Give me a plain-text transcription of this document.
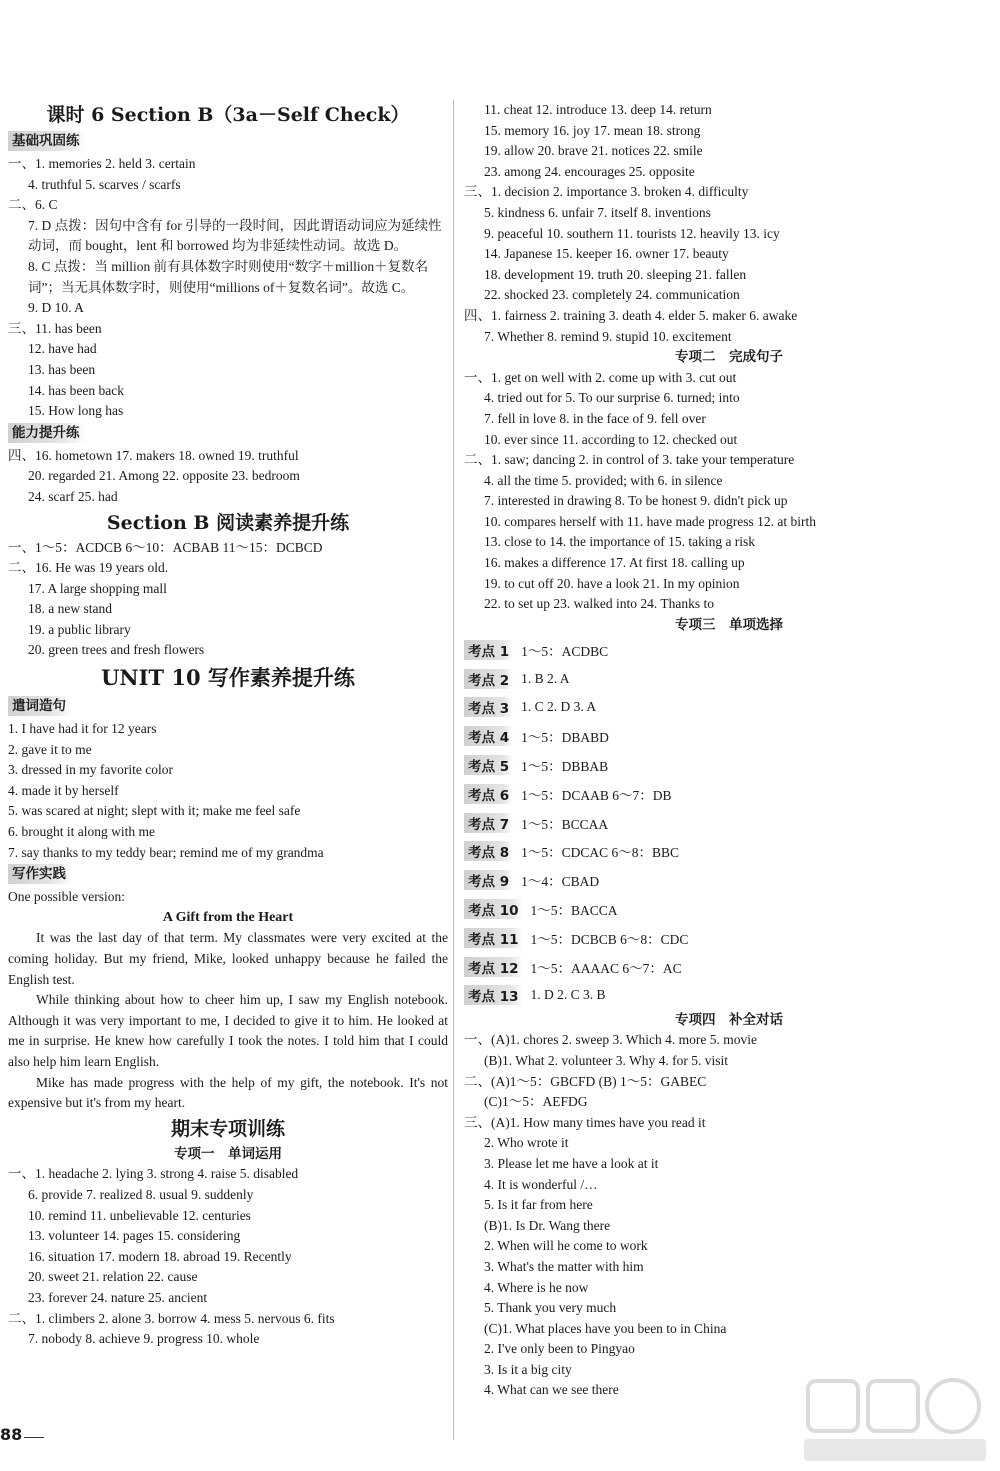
课时 6 Section B（3a－Self Check）
基础巩固练
一、1. memories 2. held 3. certain
4. truthful 5. scarves / scarfs
二、6. C
7. D 点拨：因句中含有 for 引导的一段时间，因此谓语动词应为延续性动词，而 bought，lent 和 borrowed 均为非延续性动词。故选 D。
8. C 点拨：当 million 前有具体数字时则使用“数字＋million＋复数名词”；当无具体数字时，则使用“millions of＋复数名词”。故选 C。
9. D 10. A
三、11. has been
12. have had
13. has been
14. has been back
15. How long has
能力提升练
四、16. hometown 17. makers 18. owned 19. truthful
20. regarded 21. Among 22. opposite 23. bedroom
24. scarf 25. had
Section B 阅读素养提升练
一、1～5：ACDCB 6～10：ACBAB 11～15：DCBCD
二、16. He was 19 years old.
17. A large shopping mall
18. a new stand
19. a public library
20. green trees and fresh flowers
UNIT 10 写作素养提升练
遣词造句
1. I have had it for 12 years
2. gave it to me
3. dressed in my favorite color
4. made it by herself
5. was scared at night; slept with it; make me feel safe
6. brought it along with me
7. say thanks to my teddy bear; remind me of my grandma
写作实践
One possible version:
A Gift from the Heart
It was the last day of that term. My classmates were very excited at the coming holiday. But my friend, Mike, looked unhappy because he failed the English test.
While thinking about how to cheer him up, I saw my English notebook. Although it was very important to me, I decided to give it to him. He looked at me in surprise. He knew how carefully I took the notes. I told him that I could also help him learn English.
Mike has made progress with the help of my gift, the notebook. It's not expensive but it's from my heart.
期末专项训练
专项一　单词运用
一、1. headache 2. lying 3. strong 4. raise 5. disabled
6. provide 7. realized 8. usual 9. suddenly
10. remind 11. unbelievable 12. centuries
13. volunteer 14. pages 15. considering
16. situation 17. modern 18. abroad 19. Recently
20. sweet 21. relation 22. cause
23. forever 24. nature 25. ancient
二、1. climbers 2. alone 3. borrow 4. mess 5. nervous 6. fits
7. nobody 8. achieve 9. progress 10. whole
11. cheat 12. introduce 13. deep 14. return
15. memory 16. joy 17. mean 18. strong
19. allow 20. brave 21. notices 22. smile
23. among 24. encourages 25. opposite
三、1. decision 2. importance 3. broken 4. difficulty
5. kindness 6. unfair 7. itself 8. inventions
9. peaceful 10. southern 11. tourists 12. heavily 13. icy
14. Japanese 15. keeper 16. owner 17. beauty
18. development 19. truth 20. sleeping 21. fallen
22. shocked 23. completely 24. communication
四、1. fairness 2. training 3. death 4. elder 5. maker 6. awake
7. Whether 8. remind 9. stupid 10. excitement
专项二　完成句子
一、1. get on well with 2. come up with 3. cut out
4. tried out for 5. To our surprise 6. turned; into
7. fell in love 8. in the face of 9. fell over
10. ever since 11. according to 12. checked out
二、1. saw; dancing 2. in control of 3. take your temperature
4. all the time 5. provided; with 6. in silence
7. interested in drawing 8. To be honest 9. didn't pick up
10. compares herself with 11. have made progress 12. at birth
13. close to 14. the importance of 15. taking a risk
16. makes a difference 17. At first 18. calling up
19. to cut off 20. have a look 21. In my opinion
22. to set up 23. walked into 24. Thanks to
专项三　单项选择
考点 1 1～5：ACDBC
考点 2 1. B 2. A
考点 3 1. C 2. D 3. A
考点 4 1～5：DBABD
考点 5 1～5：DBBAB
考点 6 1～5：DCAAB 6～7：DB
考点 7 1～5：BCCAA
考点 8 1～5：CDCAC 6～8：BBC
考点 9 1～4：CBAD
考点 10 1～5：BACCA
考点 11 1～5：DCBCB 6～8：CDC
考点 12 1～5：AAAAC 6～7：AC
考点 13 1. D 2. C 3. B
专项四　补全对话
一、(A)1. chores 2. sweep 3. Which 4. more 5. movie
(B)1. What 2. volunteer 3. Why 4. for 5. visit
二、(A)1～5：GBCFD (B) 1～5：GABEC
(C)1～5：AEFDG
三、(A)1. How many times have you read it
2. Who wrote it
3. Please let me have a look at it
4. It is wonderful /…
5. Is it far from here
(B)1. Is Dr. Wang there
2. When will he come to work
3. What's the matter with him
4. Where is he now
5. Thank you very much
(C)1. What places have you been to in China
2. I've only been to Pingyao
3. Is it a big city
4. What can we see there
88
